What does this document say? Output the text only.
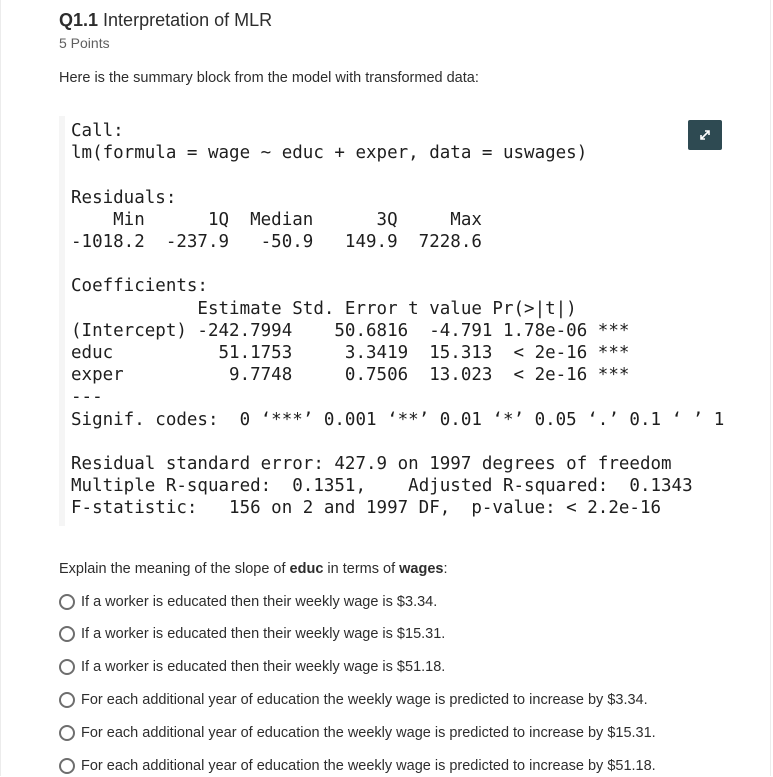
Q1.1 Interpretation of MLR
5 Points
Here is the summary block from the model with transformed data:
Call:
lm(formula = wage ~ educ + exper, data = uswages)

Residuals:
Min      1Q  Median      3Q     Max
-1018.2  -237.9   -50.9   149.9  7228.6

Coefficients:
Estimate Std. Error t value Pr(>|t|)
(Intercept) -242.7994    50.6816  -4.791 1.78e-06 ***
educ          51.1753     3.3419  15.313  < 2e-16 ***
exper          9.7748     0.7506  13.023  < 2e-16 ***
---
Signif. codes:  0 ‘***’ 0.001 ‘**’ 0.01 ‘*’ 0.05 ‘.’ 0.1 ‘ ’ 1

Residual standard error: 427.9 on 1997 degrees of freedom
Multiple R-squared:  0.1351,	Adjusted R-squared:  0.1343
F-statistic:   156 on 2 and 1997 DF,  p-value: < 2.2e-16
Explain the meaning of the slope of educ in terms of wages:
If a worker is educated then their weekly wage is $3.34.
If a worker is educated then their weekly wage is $15.31.
If a worker is educated then their weekly wage is $51.18.
For each additional year of education the weekly wage is predicted to increase by $3.34.
For each additional year of education the weekly wage is predicted to increase by $15.31.
For each additional year of education the weekly wage is predicted to increase by $51.18.
